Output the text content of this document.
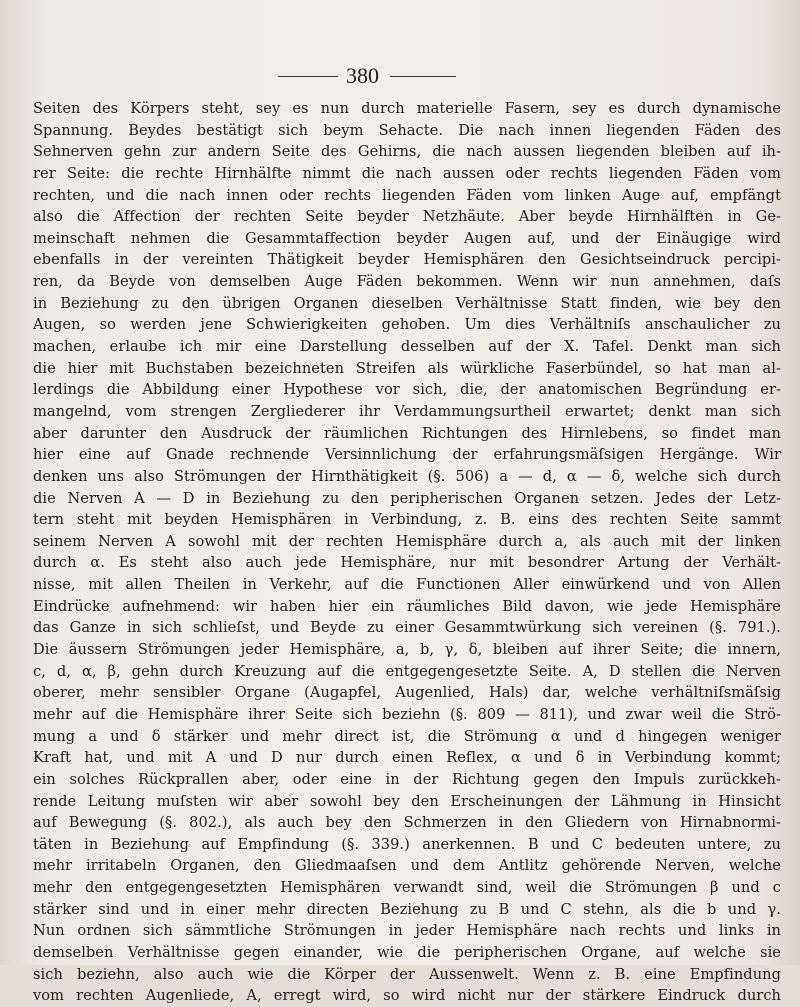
380
Seiten des Körpers steht, sey es nun durch materielle Fasern, sey es durch dynamische
Spannung. Beydes bestätigt sich beym Sehacte. Die nach innen liegenden Fäden des
Sehnerven gehn zur andern Seite des Gehirns, die nach aussen liegenden bleiben auf ih-
rer Seite: die rechte Hirnhälfte nimmt die nach aussen oder rechts liegenden Fäden vom
rechten, und die nach innen oder rechts liegenden Fäden vom linken Auge auf, empfängt
also die Affection der rechten Seite beyder Netzhäute. Aber beyde Hirnhälften in Ge-
meinschaft nehmen die Gesammtaffection beyder Augen auf, und der Einäugige wird
ebenfalls in der vereinten Thätigkeit beyder Hemisphären den Gesichtseindruck percipi-
ren, da Beyde von demselben Auge Fäden bekommen. Wenn wir nun annehmen, daſs
in Beziehung zu den übrigen Organen dieselben Verhältnisse Statt finden, wie bey den
Augen, so werden jene Schwierigkeiten gehoben. Um dies Verhältniſs anschaulicher zu
machen, erlaube ich mir eine Darstellung desselben auf der X. Tafel. Denkt man sich
die hier mit Buchstaben bezeichneten Streifen als würkliche Faserbündel, so hat man al-
lerdings die Abbildung einer Hypothese vor sich, die, der anatomischen Begründung er-
mangelnd, vom strengen Zergliederer ihr Verdammungsurtheil erwartet; denkt man sich
aber darunter den Ausdruck der räumlichen Richtungen des Hirnlebens, so findet man
hier eine auf Gnade rechnende Versinnlichung der erfahrungsmäſsigen Hergänge. Wir
denken uns also Strömungen der Hirnthätigkeit (§. 506) a — d, α — δ, welche sich durch
die Nerven A — D in Beziehung zu den peripherischen Organen setzen. Jedes der Letz-
tern steht mit beyden Hemisphären in Verbindung, z. B. eins des rechten Seite sammt
seinem Nerven A sowohl mit der rechten Hemisphäre durch a, als auch mit der linken
durch α. Es steht also auch jede Hemisphäre, nur mit besondrer Artung der Verhält-
nisse, mit allen Theilen in Verkehr, auf die Functionen Aller einwürkend und von Allen
Eindrücke aufnehmend: wir haben hier ein räumliches Bild davon, wie jede Hemisphäre
das Ganze in sich schlieſst, und Beyde zu einer Gesammtwürkung sich vereinen (§. 791.).
Die äussern Strömungen jeder Hemisphäre, a, b, γ, δ, bleiben auf ihrer Seite; die innern,
c, d, α, β, gehn durch Kreuzung auf die entgegengesetzte Seite. A, D stellen die Nerven
oberer, mehr sensibler Organe (Augapfel, Augenlied, Hals) dar, welche verhältniſsmäſsig
mehr auf die Hemisphäre ihrer Seite sich beziehn (§. 809 — 811), und zwar weil die Strö-
mung a und δ stärker und mehr direct ist, die Strömung α und d hingegen weniger
Kraft hat, und mit A und D nur durch einen Reflex, α und δ in Verbindung kommt;
ein solches Rückprallen aber, oder eine in der Richtung gegen den Impuls zurückkeh-
rende Leitung muſsten wir aber sowohl bey den Erscheinungen der Lähmung in Hinsicht
auf Bewegung (§. 802.), als auch bey den Schmerzen in den Gliedern von Hirnabnormi-
täten in Beziehung auf Empfindung (§. 339.) anerkennen. B und C bedeuten untere, zu
mehr irritabeln Organen, den Gliedmaaſsen und dem Antlitz gehörende Nerven, welche
mehr den entgegengesetzten Hemisphären verwandt sind, weil die Strömungen β und c
stärker sind und in einer mehr directen Beziehung zu B und C stehn, als die b und γ.
Nun ordnen sich sämmtliche Strömungen in jeder Hemisphäre nach rechts und links in
demselben Verhältnisse gegen einander, wie die peripherischen Organe, auf welche sie
sich beziehn, also auch wie die Körper der Aussenwelt. Wenn z. B. eine Empfindung
vom rechten Augenliede, A, erregt wird, so wird nicht nur der stärkere Eindruck durch
